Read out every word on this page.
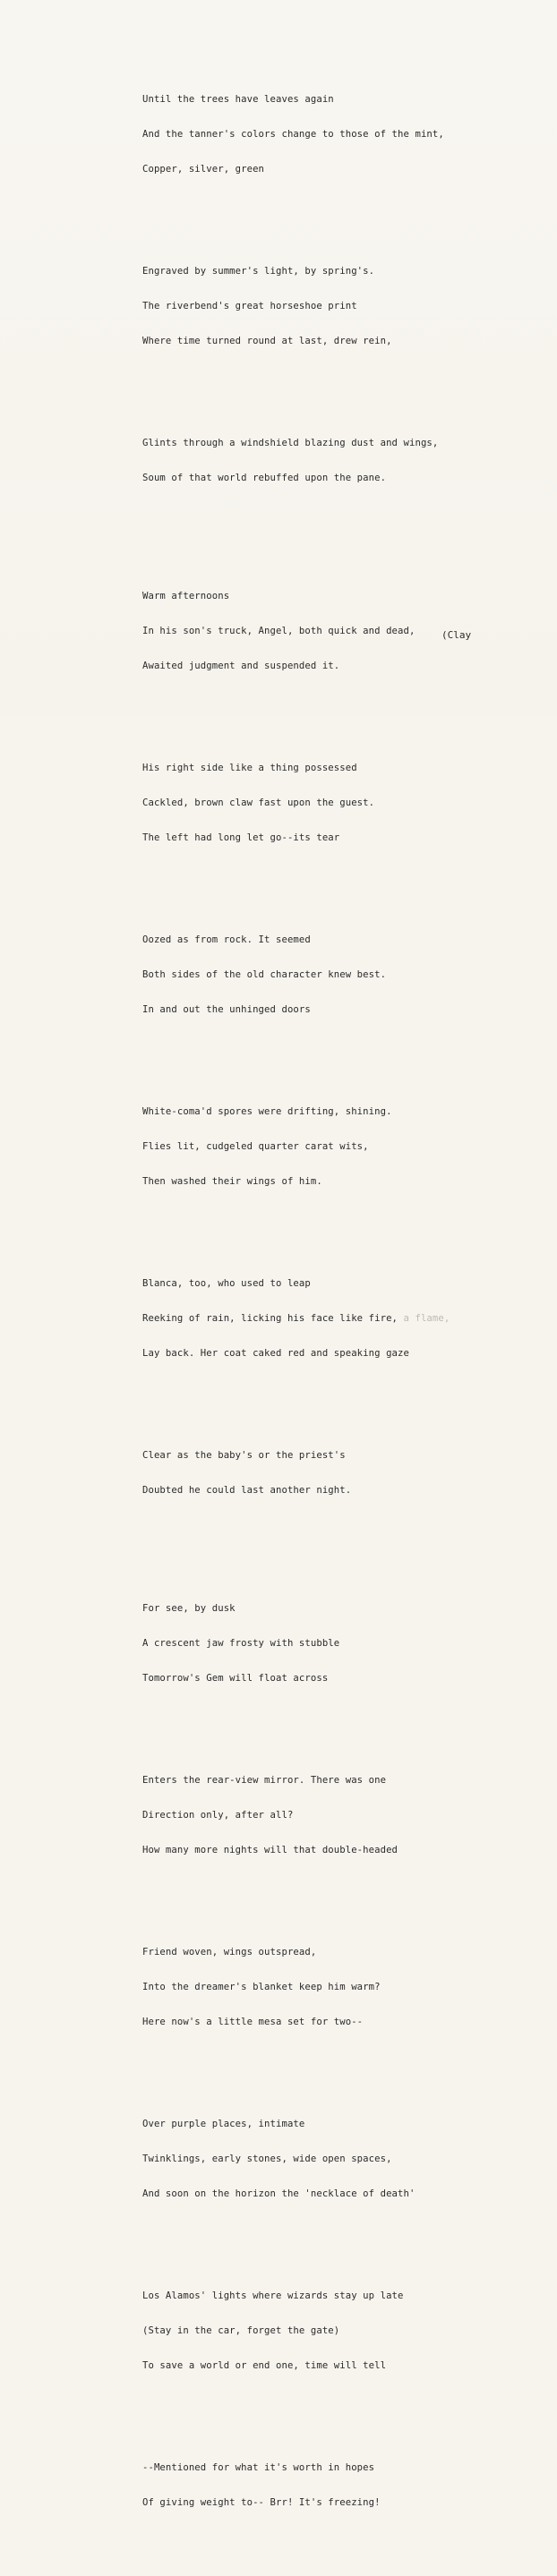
Until the trees have leaves again

And the tanner's colors change to those of the mint,

Copper, silver, green

Engraved by summer's light, by spring's.

The riverbend's great horseshoe print

Where time turned round at last, drew rein,

Glints through a windshield blazing dust and wings,

Soum of that world rebuffed upon the pane.

Warm afternoons

In his son's truck, Angel, both quick and dead,

Awaited judgment and suspended it.

His right side like a thing possessed

Cackled, brown claw fast upon the guest.

The left had long let go--its tear

Oozed as from rock. It seemed

Both sides of the old character knew best.

In and out the unhinged doors

White-coma'd spores were drifting, shining.

Flies lit, cudgeled quarter carat wits,

Then washed their wings of him.

Blanca, too, who used to leap

Reeking of rain, licking his face like fire, a flame,

Lay back. Her coat caked red and speaking gaze

Clear as the baby's or the priest's

Doubted he could last another night.

For see, by dusk

A crescent jaw frosty with stubble

Tomorrow's Gem will float across

Enters the rear-view mirror. There was one

Direction only, after all?

How many more nights will that double-headed

Friend woven, wings outspread,

Into the dreamer's blanket keep him warm?

Here now's a little mesa set for two--

Over purple places, intimate

Twinklings, early stones, wide open spaces,

And soon on the horizon the 'necklace of death'

Los Alamos' lights where wizards stay up late

(Stay in the car, forget the gate)

To save a world or end one, time will tell

--Mentioned for what it's worth in hopes

Of giving weight to-- Brr! It's freezing!

(Clay
